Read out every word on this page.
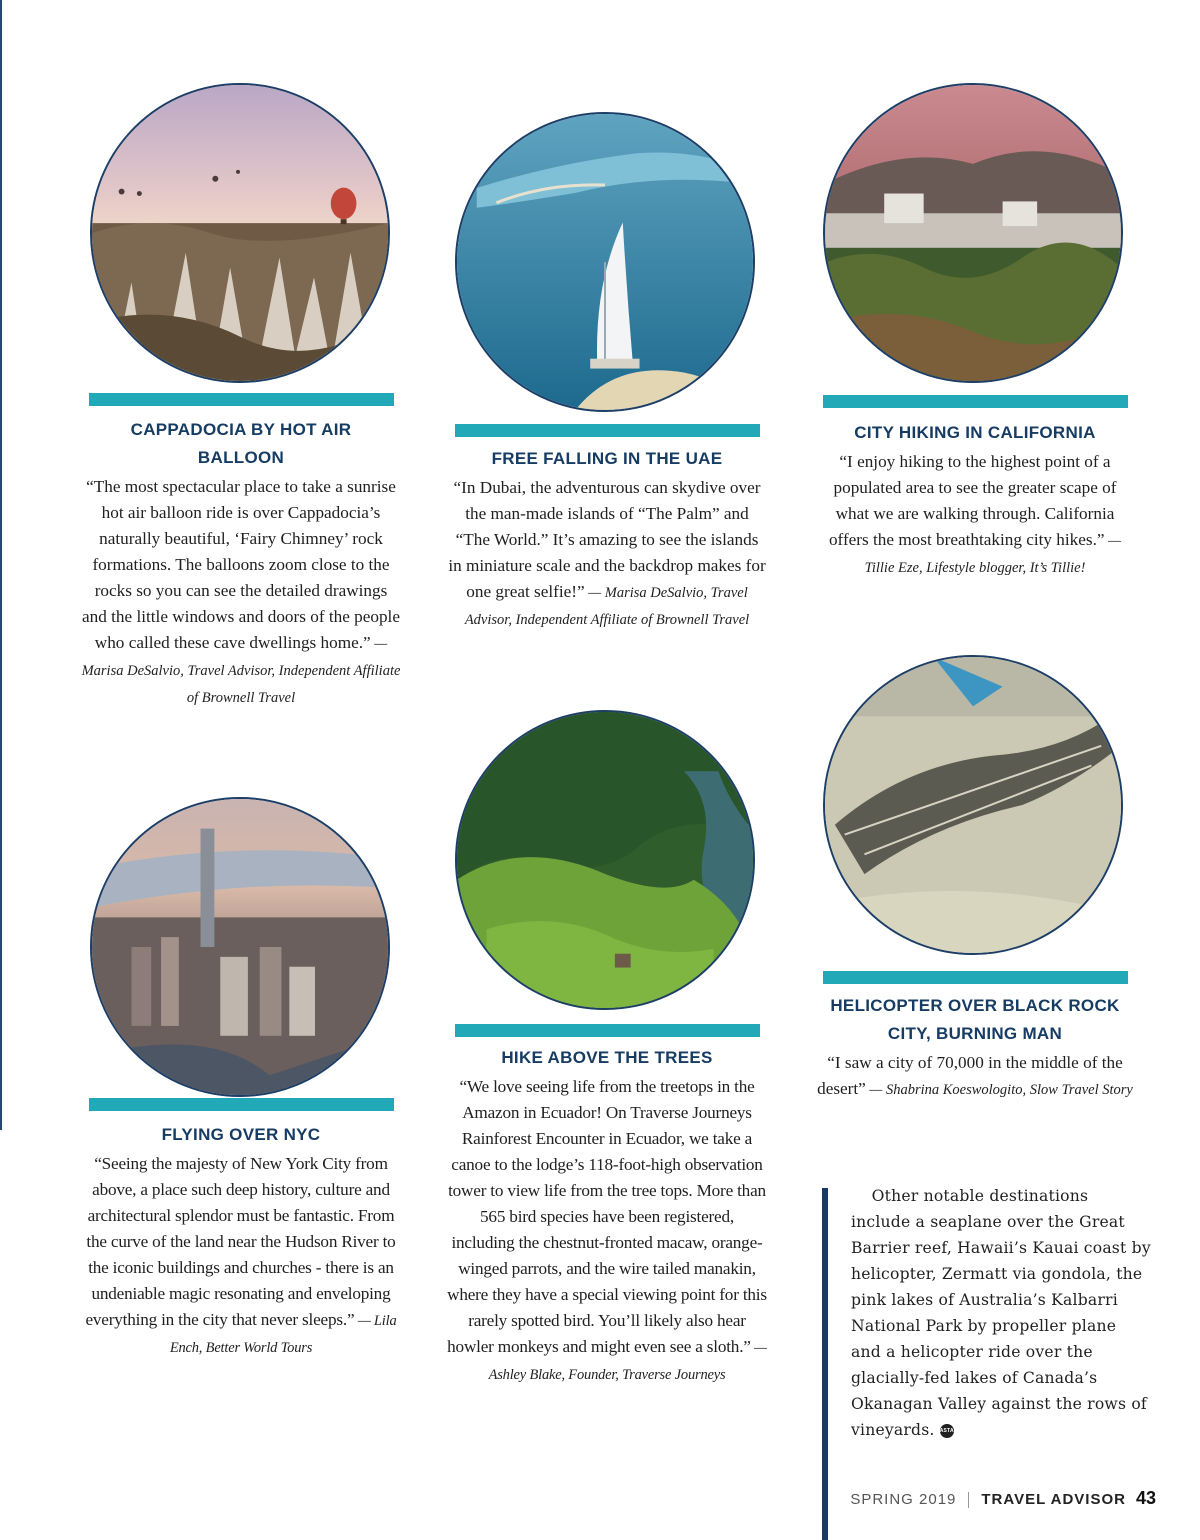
CAPPADOCIA BY HOT AIR BALLOON

“The most spectacular place to take a sunrise hot air balloon ride is over Cappadocia’s naturally beautiful, ‘Fairy Chimney’ rock formations. The balloons zoom close to the rocks so you can see the detailed drawings and the little windows and doors of the people who called these cave dwellings home.” — Marisa DeSalvio, Travel Advisor, Independent Affiliate of Brownell Travel

FREE FALLING IN THE UAE

“In Dubai, the adventurous can skydive over the man-made islands of “The Palm” and “The World.” It’s amazing to see the islands in miniature scale and the backdrop makes for one great selfie!” — Marisa DeSalvio, Travel Advisor, Independent Affiliate of Brownell Travel

CITY HIKING IN CALIFORNIA

“I enjoy hiking to the highest point of a populated area to see the greater scape of what we are walking through. California offers the most breathtaking city hikes.” — Tillie Eze, Lifestyle blogger, It’s Tillie!

FLYING OVER NYC

“Seeing the majesty of New York City from above, a place such deep history, culture and architectural splendor must be fantastic. From the curve of the land near the Hudson River to the iconic buildings and churches - there is an undeniable magic resonating and enveloping everything in the city that never sleeps.” — Lila Ench, Better World Tours

HIKE ABOVE THE TREES

“We love seeing life from the treetops in the Amazon in Ecuador! On Traverse Journeys Rainforest Encounter in Ecuador, we take a canoe to the lodge’s 118-foot-high observation tower to view life from the tree tops. More than 565 bird species have been registered, including the chestnut-fronted macaw, orange-winged parrots, and the wire tailed manakin, where they have a special viewing point for this rarely spotted bird. You’ll likely also hear howler monkeys and might even see a sloth.” — Ashley Blake, Founder, Traverse Journeys

HELICOPTER OVER BLACK ROCK CITY, BURNING MAN

“I saw a city of 70,000 in the middle of the desert” — Shabrina Koeswologito, Slow Travel Story

Other notable destinations include a seaplane over the Great Barrier reef, Hawaii’s Kauai coast by helicopter, Zermatt via gondola, the pink lakes of Australia’s Kalbarri National Park by propeller plane and a helicopter ride over the glacially-fed lakes of Canada’s Okanagan Valley against the rows of vineyards. ASTA

SPRING 2019 TRAVEL ADVISOR 43
